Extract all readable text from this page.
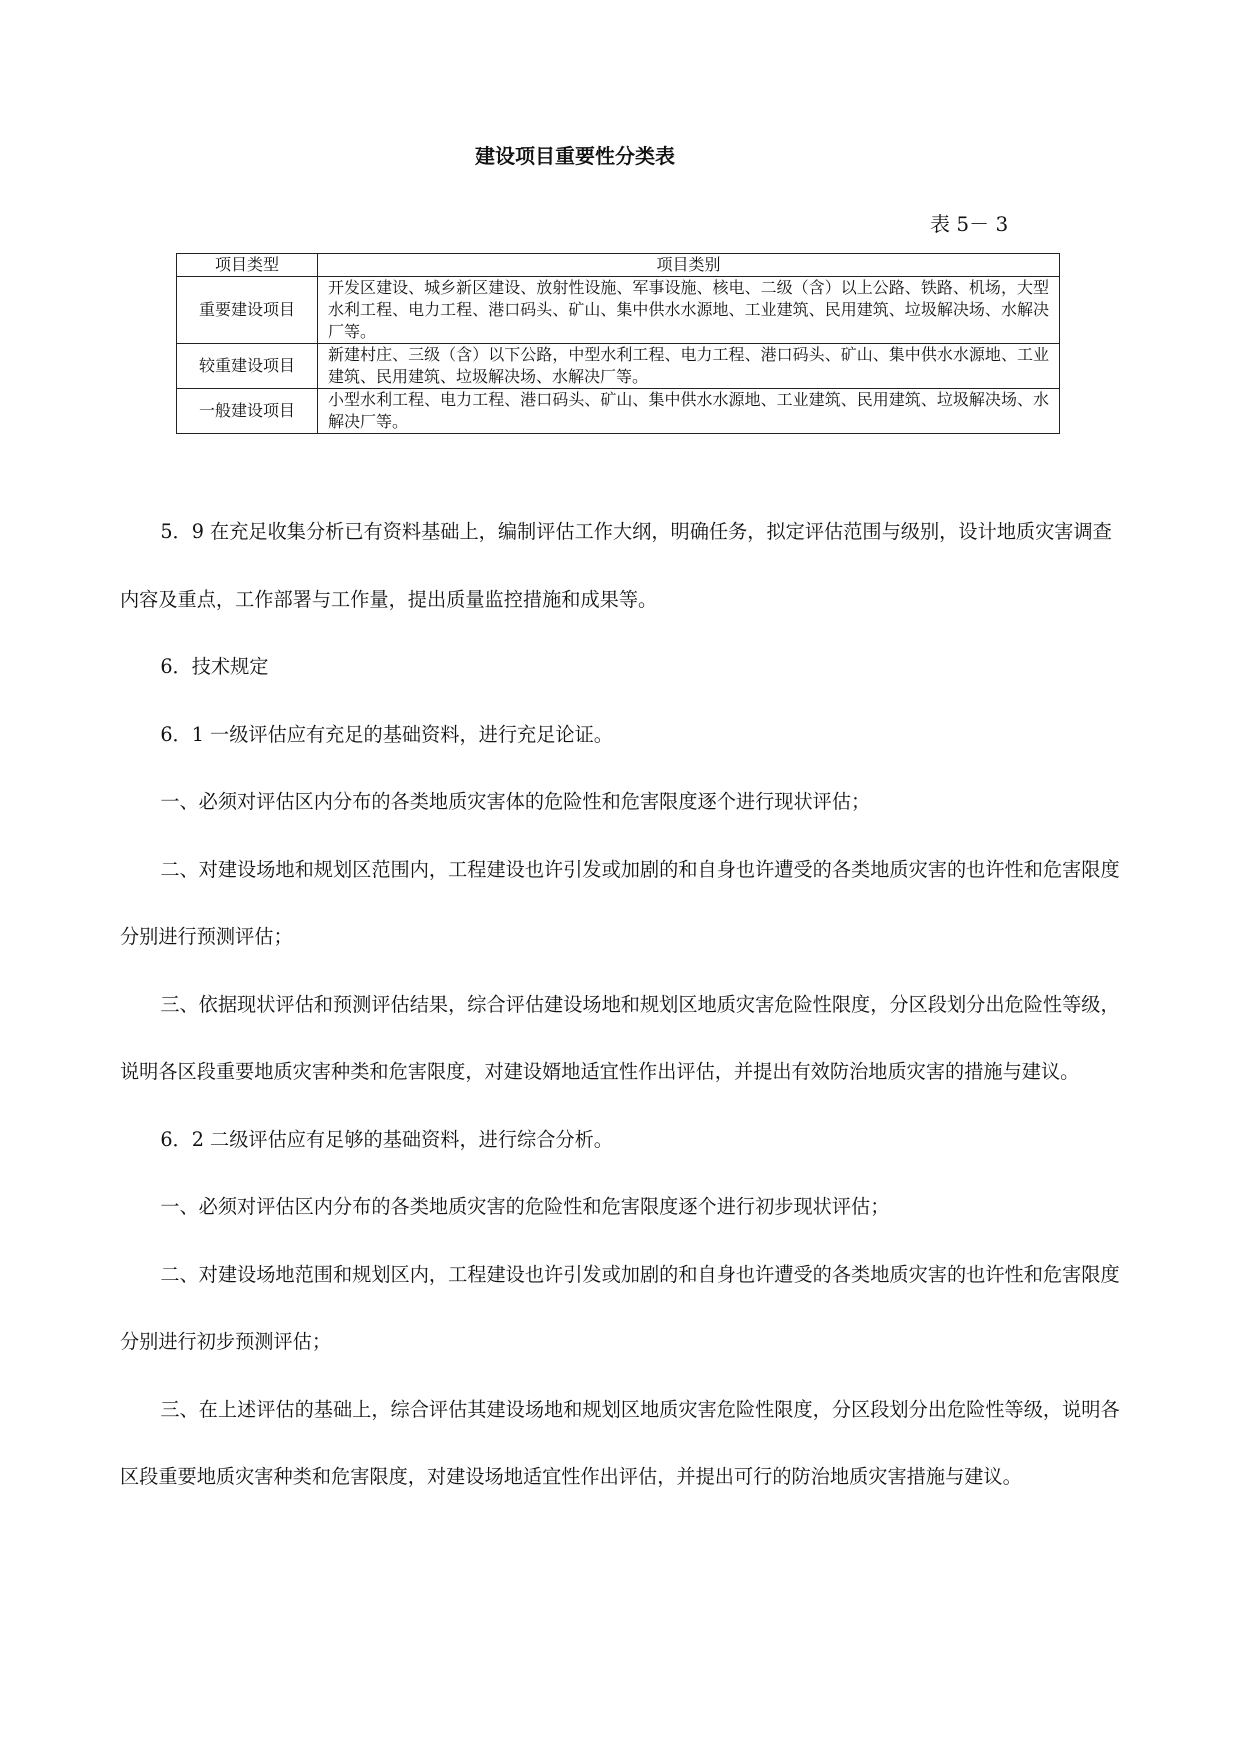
建设项目重要性分类表
表 5－ 3
项目类型	项目类别
重要建设项目	开发区建设、城乡新区建设、放射性设施、军事设施、核电、二级（含）以上公路、铁路、机场，大型水利工程、电力工程、港口码头、矿山、集中供水水源地、工业建筑、民用建筑、垃圾解决场、水解决厂等。
较重建设项目	新建村庄、三级（含）以下公路，中型水利工程、电力工程、港口码头、矿山、集中供水水源地、工业建筑、民用建筑、垃圾解决场、水解决厂等。
一般建设项目	小型水利工程、电力工程、港口码头、矿山、集中供水水源地、工业建筑、民用建筑、垃圾解决场、水解决厂等。

5．9 在充足收集分析已有资料基础上，编制评估工作大纲，明确任务，拟定评估范围与级别，设计地质灾害调查内容及重点，工作部署与工作量，提出质量监控措施和成果等。

6．技术规定

6．1 一级评估应有充足的基础资料，进行充足论证。

一、必须对评估区内分布的各类地质灾害体的危险性和危害限度逐个进行现状评估；

二、对建设场地和规划区范围内，工程建设也许引发或加剧的和自身也许遭受的各类地质灾害的也许性和危害限度分别进行预测评估；

三、依据现状评估和预测评估结果，综合评估建设场地和规划区地质灾害危险性限度，分区段划分出危险性等级，说明各区段重要地质灾害种类和危害限度，对建设婿地适宜性作出评估，并提出有效防治地质灾害的措施与建议。

6．2 二级评估应有足够的基础资料，进行综合分析。

一、必须对评估区内分布的各类地质灾害的危险性和危害限度逐个进行初步现状评估；

二、对建设场地范围和规划区内，工程建设也许引发或加剧的和自身也许遭受的各类地质灾害的也许性和危害限度分别进行初步预测评估；

三、在上述评估的基础上，综合评估其建设场地和规划区地质灾害危险性限度，分区段划分出危险性等级，说明各区段重要地质灾害种类和危害限度，对建设场地适宜性作出评估，并提出可行的防治地质灾害措施与建议。
